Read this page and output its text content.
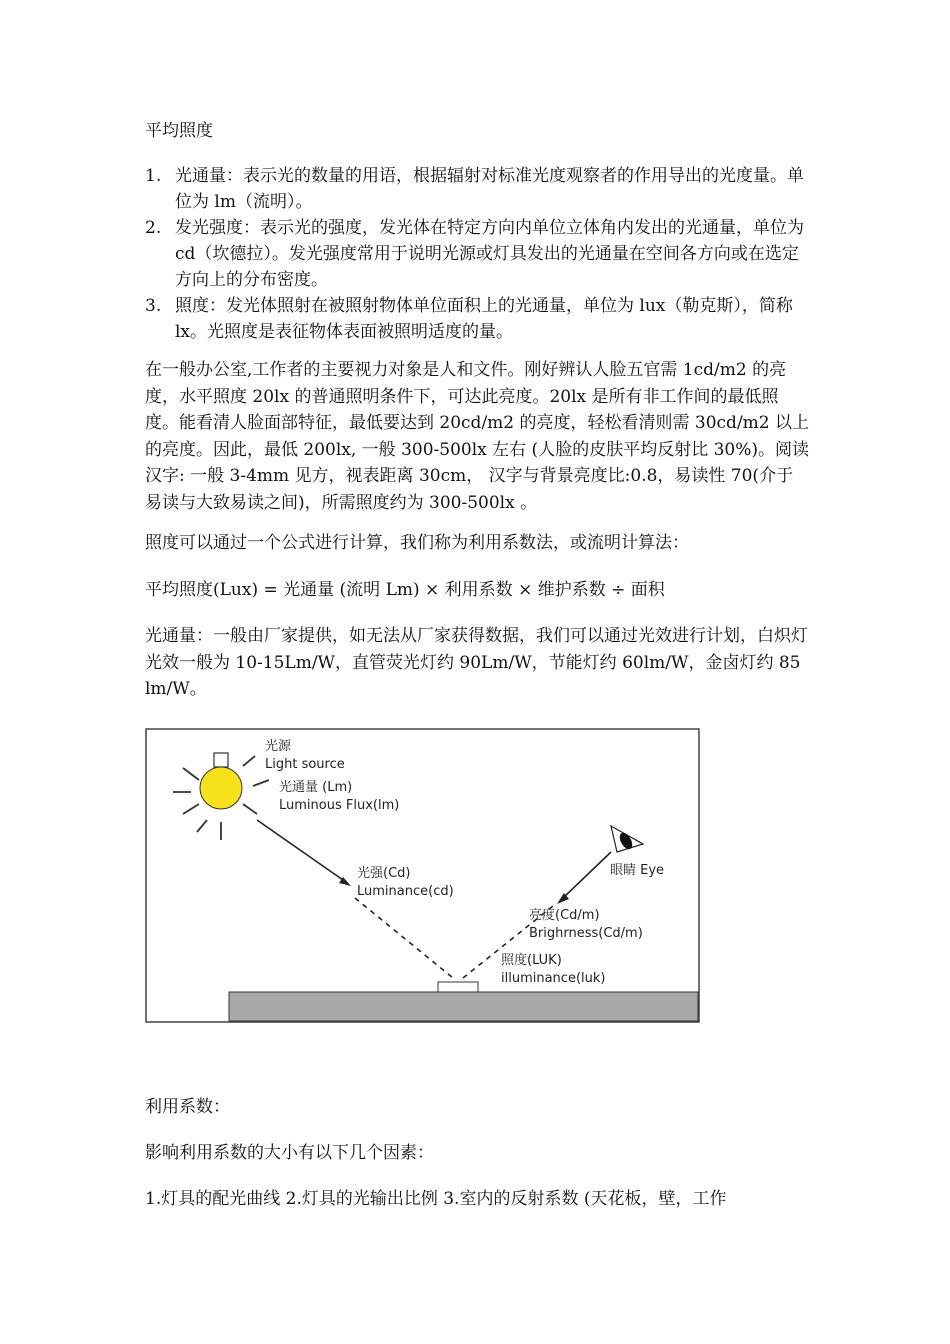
平均照度
1. 光通量：表示光的数量的用语，根据辐射对标准光度观察者的作用导出的光度量。单位为 lm（流明）。
2. 发光强度：表示光的强度，发光体在特定方向内单位立体角内发出的光通量，单位为 cd（坎德拉）。发光强度常用于说明光源或灯具发出的光通量在空间各方向或在选定方向上的分布密度。
3. 照度：发光体照射在被照射物体单位面积上的光通量，单位为 lux（勒克斯），简称 lx。光照度是表征物体表面被照明适度的量。

在一般办公室,工作者的主要视力对象是人和文件。刚好辨认人脸五官需 1cd/m2 的亮度，水平照度 20lx 的普通照明条件下，可达此亮度。20lx 是所有非工作间的最低照度。能看清人脸面部特征，最低要达到 20cd/m2 的亮度，轻松看清则需 30cd/m2 以上的亮度。因此，最低 200lx, 一般 300-500lx 左右 (人脸的皮肤平均反射比 30%)。阅读汉字: 一般 3-4mm 见方，视表距离 30cm， 汉字与背景亮度比:0.8，易读性 70(介于易读与大致易读之间)，所需照度约为 300-500lx 。

照度可以通过一个公式进行计算，我们称为利用系数法，或流明计算法：

平均照度(Lux) = 光通量 (流明 Lm) × 利用系数 × 维护系数 ÷ 面积

光通量：一般由厂家提供，如无法从厂家获得数据，我们可以通过光效进行计划，白炽灯光效一般为 10-15Lm/W，直管荧光灯约 90Lm/W，节能灯约 60lm/W，金卤灯约 85 lm/W。

光源
Light source
光通量 (Lm)
Luminous Flux(lm)
光强(Cd)
Luminance(cd)
眼睛 Eye
亮度(Cd/m)
Brighrness(Cd/m)
照度(LUK)
illuminance(luk)

利用系数：

影响利用系数的大小有以下几个因素：

1.灯具的配光曲线 2.灯具的光输出比例 3.室内的反射系数 (天花板，壁，工作
